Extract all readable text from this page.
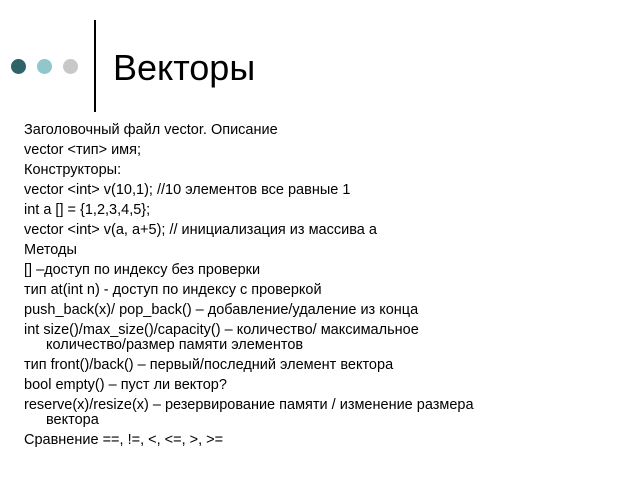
Векторы
Заголовочный файл vector. Описание
vector <тип> имя;
Конструкторы:
vector <int> v(10,1); //10 элементов все равные 1
int a [] = {1,2,3,4,5};
vector <int> v(a, a+5); // инициализация из массива а
Методы
[] –доступ по индексу без проверки
тип at(int n) - доступ по индексу с проверкой
push_back(x)/ pop_back() – добавление/удаление из конца
int size()/max_size()/capacity() – количество/ максимальное
количество/размер памяти элементов
тип front()/back() – первый/последний элемент вектора
bool empty() – пуст ли вектор?
reserve(x)/resize(x) – резервирование памяти / изменение размера
вектора
Сравнение ==, !=, <, <=, >, >=
